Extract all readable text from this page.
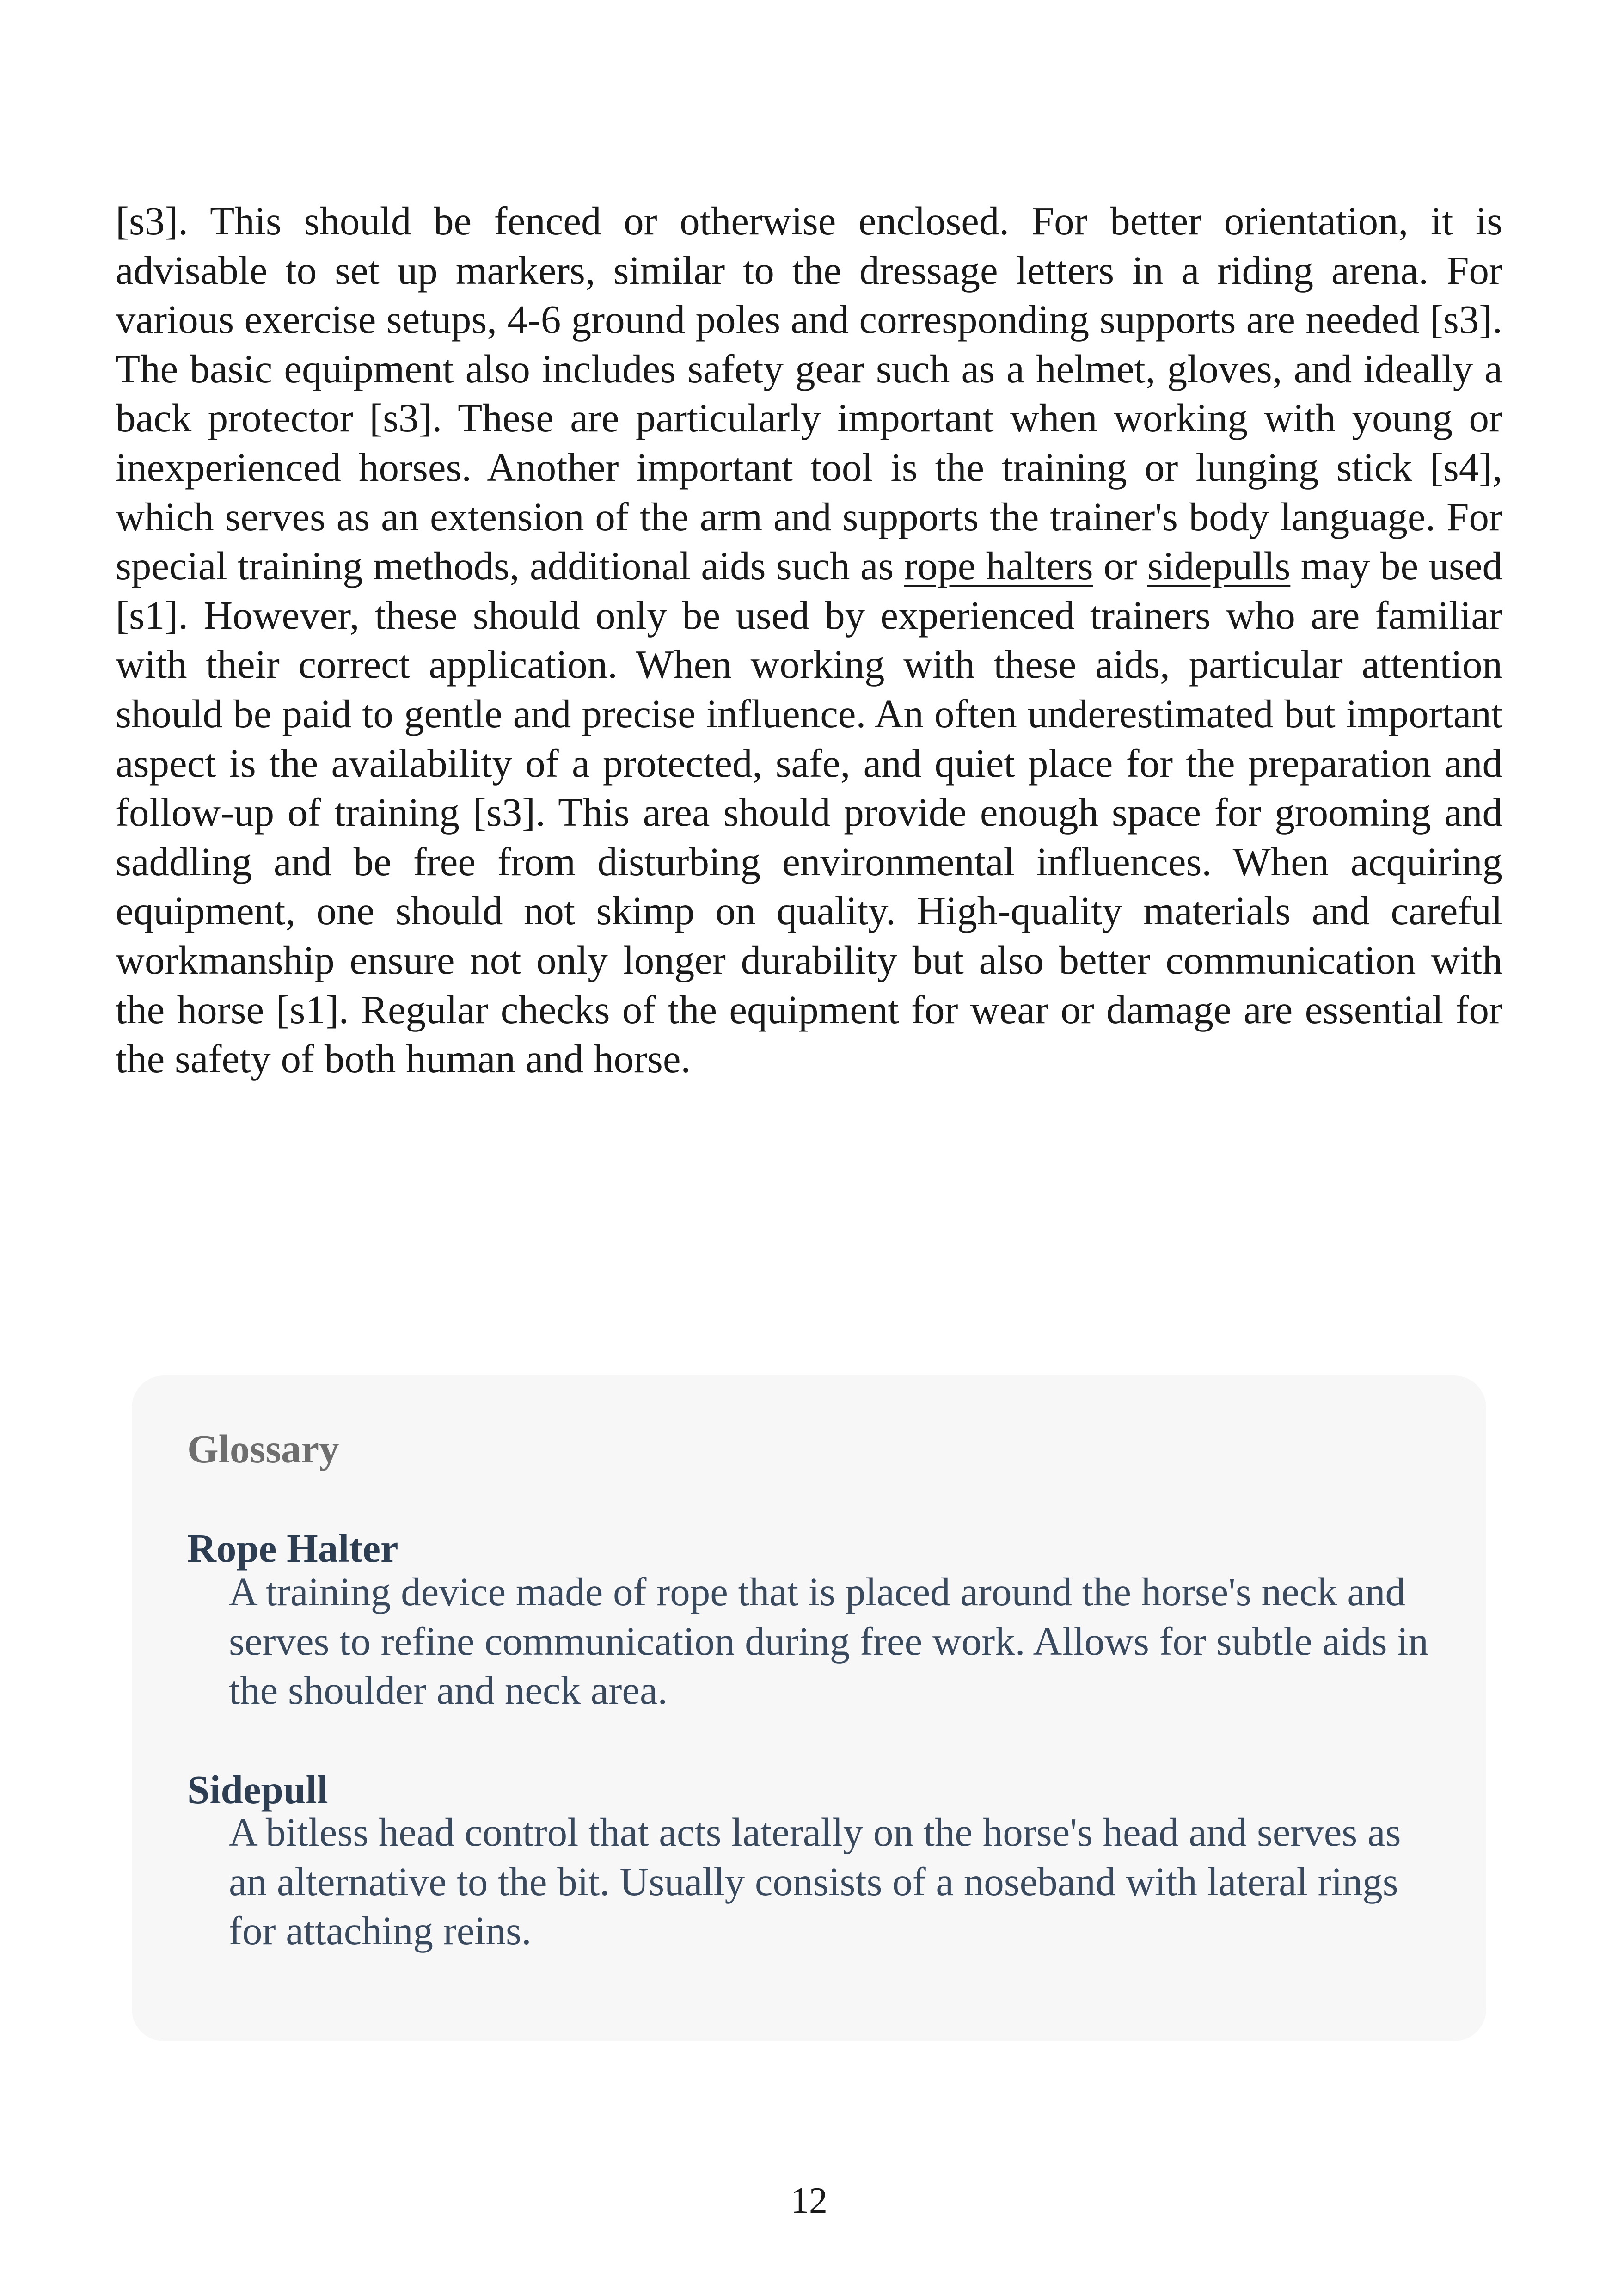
[s3]. This should be fenced or otherwise enclosed. For better orientation, it is advisable to set up markers, similar to the dressage letters in a riding arena. For various exercise setups, 4-6 ground poles and corresponding supports are needed [s3]. The basic equipment also includes safety gear such as a helmet, gloves, and ideally a back protector [s3]. These are particularly important when working with young or inexperienced horses. Another important tool is the training or lunging stick [s4], which serves as an extension of the arm and supports the trainer's body language. For special training methods, additional aids such as rope halters or sidepulls may be used [s1]. However, these should only be used by experienced trainers who are familiar with their correct application. When working with these aids, particular attention should be paid to gentle and precise influence. An often underestimated but important aspect is the availability of a protected, safe, and quiet place for the preparation and follow-up of training [s3]. This area should provide enough space for grooming and saddling and be free from disturbing environmental influences. When acquiring equipment, one should not skimp on quality. High-quality materials and careful workmanship ensure not only longer durability but also better communication with the horse [s1]. Regular checks of the equipment for wear or damage are essential for the safety of both human and horse.

Glossary

Rope Halter

A training device made of rope that is placed around the horse's neck and serves to refine communication during free work. Allows for subtle aids in the shoulder and neck area.

Sidepull

A bitless head control that acts laterally on the horse's head and serves as an alternative to the bit. Usually consists of a noseband with lateral rings for attaching reins.

12
